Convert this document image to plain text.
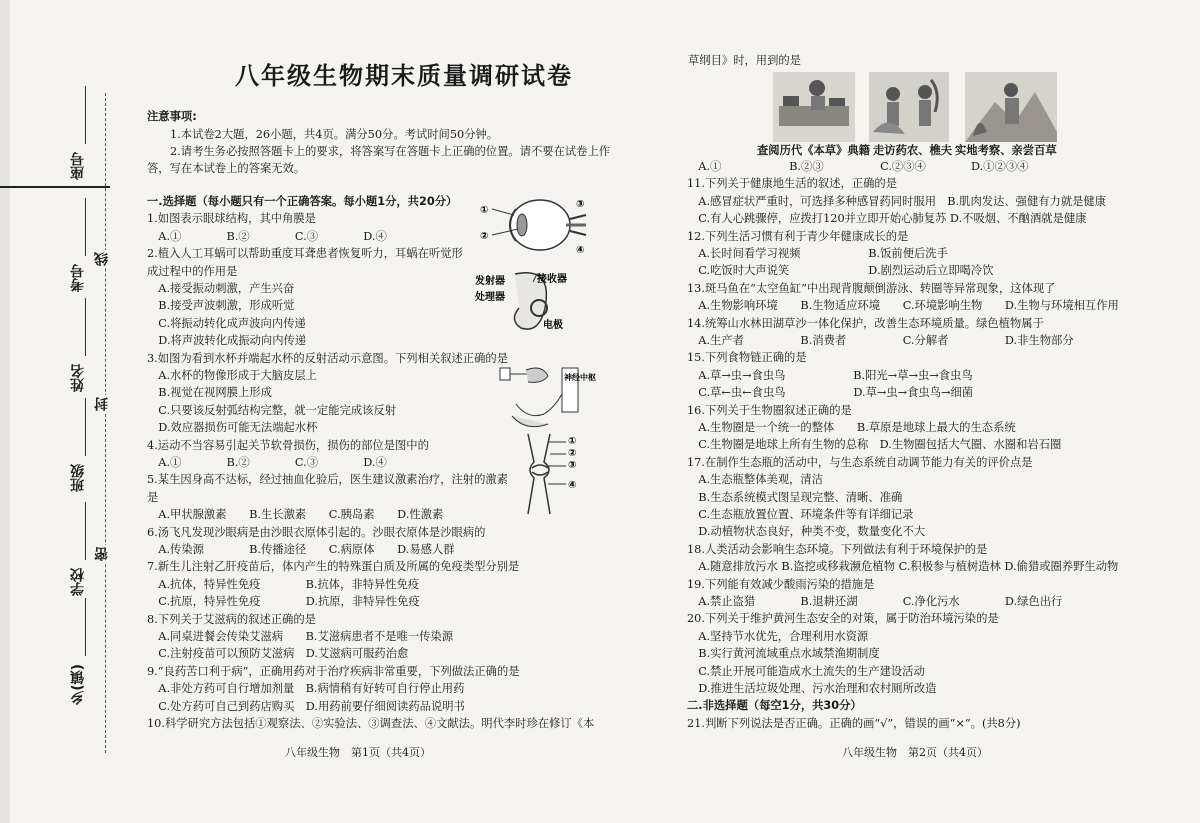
八年级生物期末质量调研试卷
注意事项:
1.本试卷2大题，26小题，共4页。满分50分。考试时间50分钟。
2.请考生务必按照答题卡上的要求，将答案写在答题卡上正确的位置。请不要在试卷上作
答，写在本试卷上的答案无效。
一.选择题（每小题只有一个正确答案。每小题1分，共20分）
1.如图表示眼球结构，其中角膜是
　A.①　　　　B.②　　　　C.③　　　　D.④
2.植入人工耳蜗可以帮助重度耳聋患者恢复听力，耳蜗在听觉形
成过程中的作用是
　A.接受振动刺激，产生兴奋
　B.接受声波刺激，形成听觉
　C.将振动转化成声波向内传递
　D.将声波转化成振动向内传递
3.如图为看到水杯并端起水杯的反射活动示意图。下列相关叙述正确的是
　A.水杯的物像形成于大脑皮层上
　B.视觉在视网膜上形成
　C.只要该反射弧结构完整，就一定能完成该反射
　D.效应器损伤可能无法端起水杯
4.运动不当容易引起关节软骨损伤，损伤的部位是图中的
　A.①　　　　B.②　　　　C.③　　　　D.④
5.某生因身高不达标，经过抽血化验后，医生建议激素治疗，注射的激素
是
　A.甲状腺激素　　B.生长激素　　C.胰岛素　　D.性激素
6.汤飞凡发现沙眼病是由沙眼衣原体引起的。沙眼衣原体是沙眼病的
　A.传染源　　　　B.传播途径　　C.病原体　　D.易感人群
7.新生儿注射乙肝疫苗后，体内产生的特殊蛋白质及所属的免疫类型分别是
　A.抗体，特异性免疫　　　　B.抗体，非特异性免疫
　C.抗原，特异性免疫　　　　D.抗原，非特异性免疫
8.下列关于艾滋病的叙述正确的是
　A.同桌进餐会传染艾滋病　　B.艾滋病患者不是唯一传染源
　C.注射疫苗可以预防艾滋病　D.艾滋病可服药治愈
9.“良药苦口利于病”，正确用药对于治疗疾病非常重要，下列做法正确的是
　A.非处方药可自行增加剂量　B.病情稍有好转可自行停止用药
　C.处方药可自己到药店购买　D.用药前要仔细阅读药品说明书
10.科学研究方法包括①观察法、②实验法、③调查法、④文献法。明代李时珍在修订《本
①
②
③
④
发射器	接收器
处理器
电极
神经中枢
①
②
③
④
草纲目》时，用到的是
查阅历代《本草》典籍 走访药农、樵夫 实地考察、亲尝百草
　A.①　　　　　　B.②③　　　　　C.②③④　　　　D.①②③④
11.下列关于健康地生活的叙述，正确的是
　A.感冒症状严重时，可选择多种感冒药同时服用　B.肌肉发达、强健有力就是健康
　C.有人心跳骤停，应拨打120并立即开始心肺复苏 D.不吸烟、不酗酒就是健康
12.下列生活习惯有利于青少年健康成长的是
　A.长时间看学习视频　　　　　　B.饭前便后洗手
　C.吃饭时大声说笑　　　　　　　D.剧烈运动后立即喝冷饮
13.斑马鱼在“太空鱼缸”中出现背腹颠倒游泳、转圈等异常现象，这体现了
　A.生物影响环境　　B.生物适应环境　　C.环境影响生物　　D.生物与环境相互作用
14.统筹山水林田湖草沙一体化保护，改善生态环境质量。绿色植物属于
　A.生产者　　　　　B.消费者　　　　　C.分解者　　　　　D.非生物部分
15.下列食物链正确的是
　A.草→虫→食虫鸟　　　　　　B.阳光→草→虫→食虫鸟
　C.草←虫←食虫鸟　　　　　　D.草→虫→食虫鸟→细菌
16.下列关于生物圈叙述正确的是
　A.生物圈是一个统一的整体　　B.草原是地球上最大的生态系统
　C.生物圈是地球上所有生物的总称　D.生物圈包括大气圈、水圈和岩石圈
17.在制作生态瓶的活动中，与生态系统自动调节能力有关的评价点是
　A.生态瓶整体美观，清洁
　B.生态系统模式图呈现完整、清晰、准确
　C.生态瓶放置位置、环境条件等有详细记录
　D.动植物状态良好，种类不变，数量变化不大
18.人类活动会影响生态环境。下列做法有利于环境保护的是
　A.随意排放污水 B.盗挖或移栽濒危植物 C.积极参与植树造林 D.偷猎或圈养野生动物
19.下列能有效减少酸雨污染的措施是
　A.禁止盗猎　　　　B.退耕还湖　　　　C.净化污水　　　　D.绿色出行
20.下列关于维护黄河生态安全的对策，属于防治环境污染的是
　A.坚持节水优先，合理利用水资源
　B.实行黄河流域重点水域禁渔期制度
　C.禁止开展可能造成水土流失的生产建设活动
　D.推进生活垃圾处理、污水治理和农村厕所改造
二.非选择题（每空1分，共30分）
21.判断下列说法是否正确。正确的画“√”，错误的画“×”。(共8分)
八年级生物　第1页（共4页）	八年级生物　第2页（共4页）
座号
考号
姓名
班级
学校
乡(镇)
线
封
密
